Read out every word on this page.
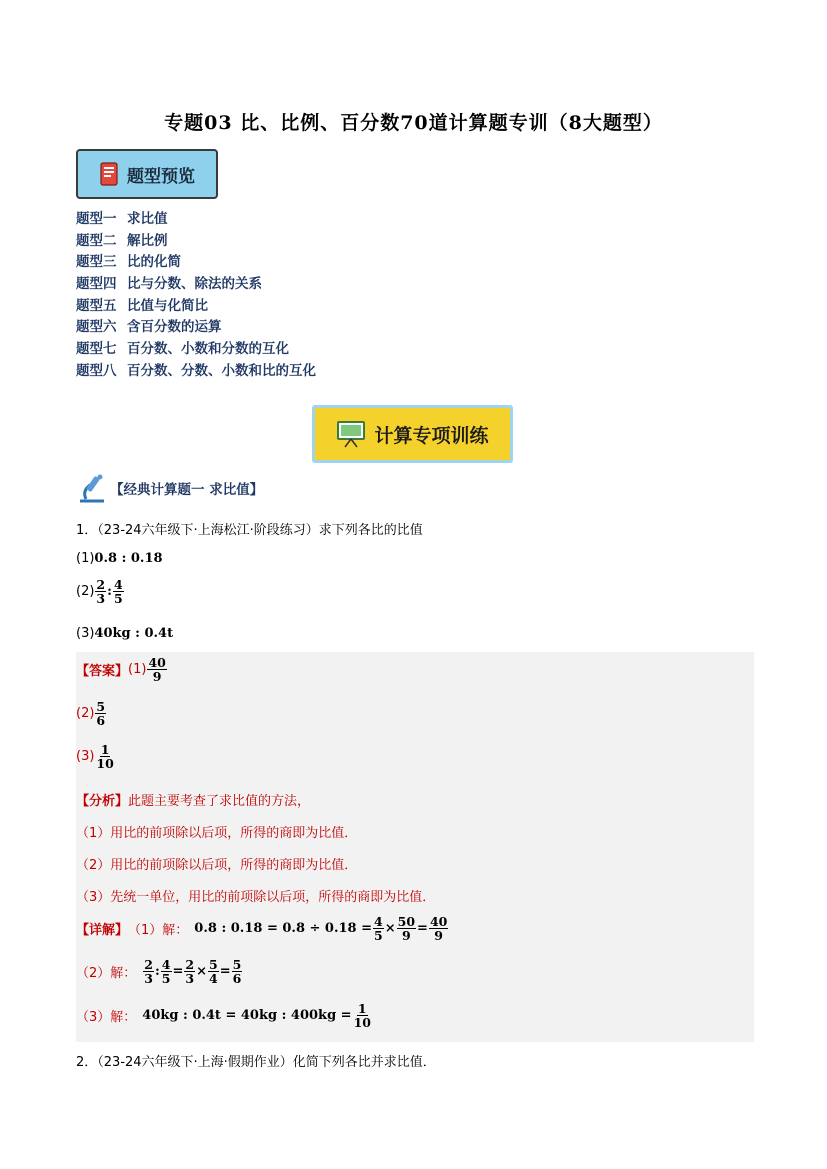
专题03 比、比例、百分数70道计算题专训（8大题型）
题型预览
题型一 求比值
题型二 解比例
题型三 比的化简
题型四 比与分数、除法的关系
题型五 比值与化简比
题型六 含百分数的运算
题型七 百分数、小数和分数的互化
题型八 百分数、分数、小数和比的互化
计算专项训练
【经典计算题一 求比值】
1．（23-24六年级下·上海松江·阶段练习）求下列各比的比值
(1)0.8 : 0.18
$(2) \frac{2}{3}$ : $\frac{4}{5}$
(3)40kg : 0.4t
【答案】 $(1) \frac{40}{9}$
$(2) \frac{5}{6}$
$(3) \frac{1}{10}$
【分析】此题主要考查了求比值的方法，
（1）用比的前项除以后项，所得的商即为比值．
（2）用比的前项除以后项，所得的商即为比值．
（3）先统一单位，用比的前项除以后项，所得的商即为比值．
【详解】 （1）解： 0.8 : $0.18 = 0.8 \div 0.18 = \frac{4}{5} \times \frac{50}{9} = \frac{40}{9}$
（2）解： $\frac{2}{3}$ : $\frac{4}{5} = \frac{2}{3} \times \frac{5}{4} = \frac{5}{6}$
（3）解： 40kg : 0.4t = 40kg : $400kg = \frac{1}{10}$
2．（23-24六年级下·上海·假期作业）化简下列各比并求比值．
